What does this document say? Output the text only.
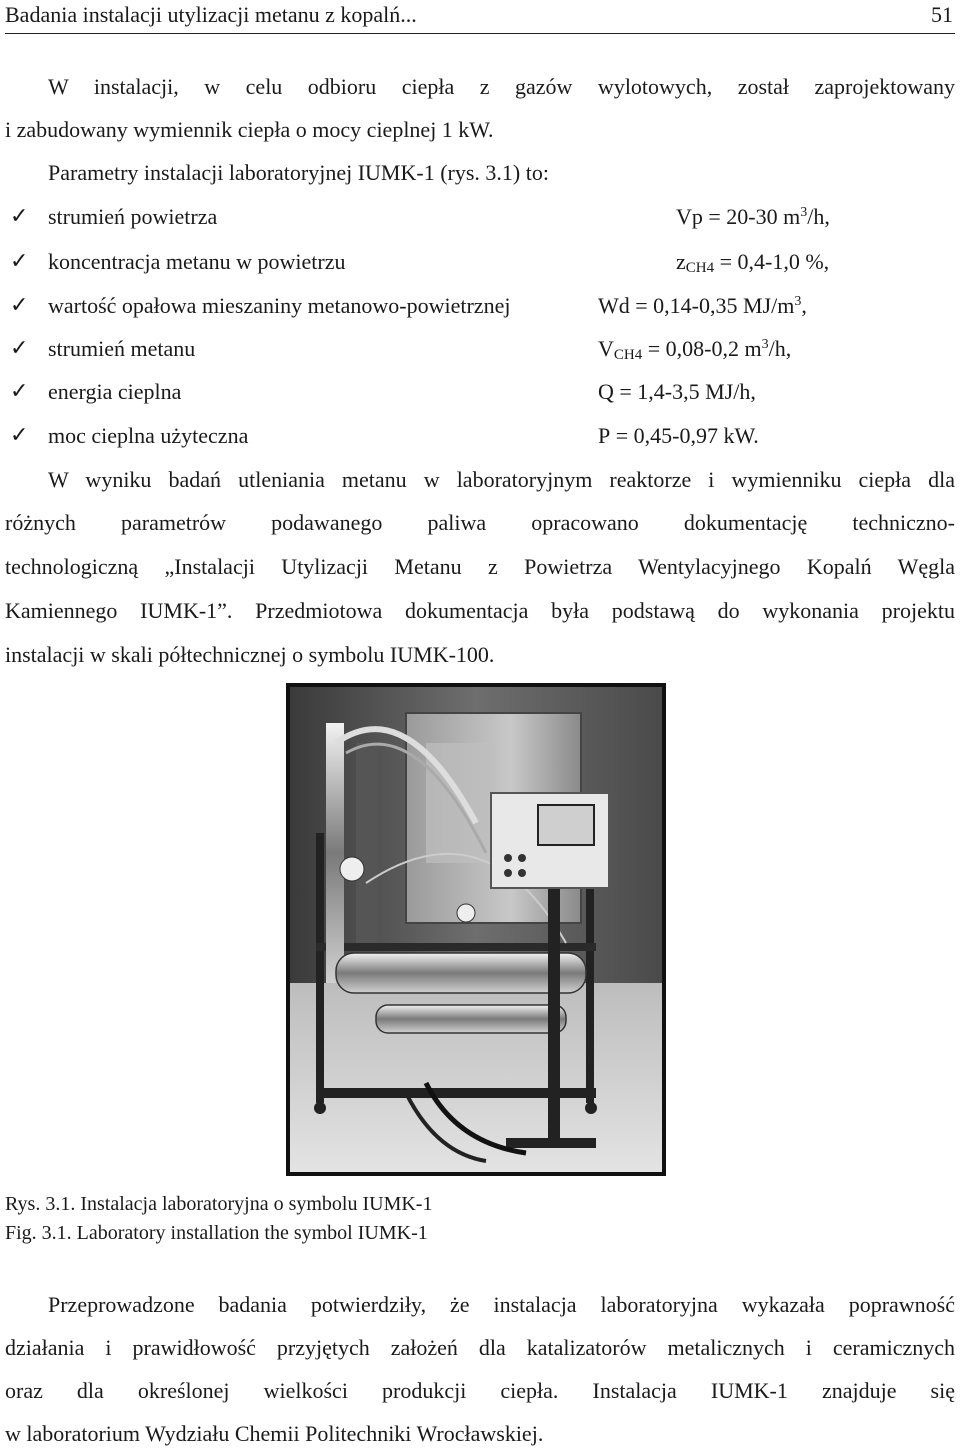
Badania instalacji utylizacji metanu z kopalń...	51
W instalacji, w celu odbioru ciepła z gazów wylotowych, został zaprojektowany
i zabudowany wymiennik ciepła o mocy cieplnej 1 kW.
Parametry instalacji laboratoryjnej IUMK-1 (rys. 3.1) to:
✓ strumień powietrza	Vp = 20-30 $m^3/h$,
✓ koncentracja metanu w powietrzu	$z_{CH4} = 0,4-1,0$ %,
✓ wartość opałowa mieszaniny metanowo-powietrznej	Wd = 0,14-0,35 $MJ/m^3$,
✓ strumień metanu	$V_{CH4} = 0,08-0,2$ $m^3/h$,
✓ energia cieplna	Q = 1,4-3,5 MJ/h,
✓ moc cieplna użyteczna	P = 0,45-0,97 kW.
W wyniku badań utleniania metanu w laboratoryjnym reaktorze i wymienniku ciepła dla
różnych parametrów podawanego paliwa opracowano dokumentację techniczno-
technologiczną „Instalacji Utylizacji Metanu z Powietrza Wentylacyjnego Kopalń Węgla
Kamiennego IUMK-1”. Przedmiotowa dokumentacja była podstawą do wykonania projektu
instalacji w skali półtechnicznej o symbolu IUMK-100.
Rys. 3.1. Instalacja laboratoryjna o symbolu IUMK-1
Fig. 3.1. Laboratory installation the symbol IUMK-1
Przeprowadzone badania potwierdziły, że instalacja laboratoryjna wykazała poprawność
działania i prawidłowość przyjętych założeń dla katalizatorów metalicznych i ceramicznych
oraz dla określonej wielkości produkcji ciepła. Instalacja IUMK-1 znajduje się
w laboratorium Wydziału Chemii Politechniki Wrocławskiej.
